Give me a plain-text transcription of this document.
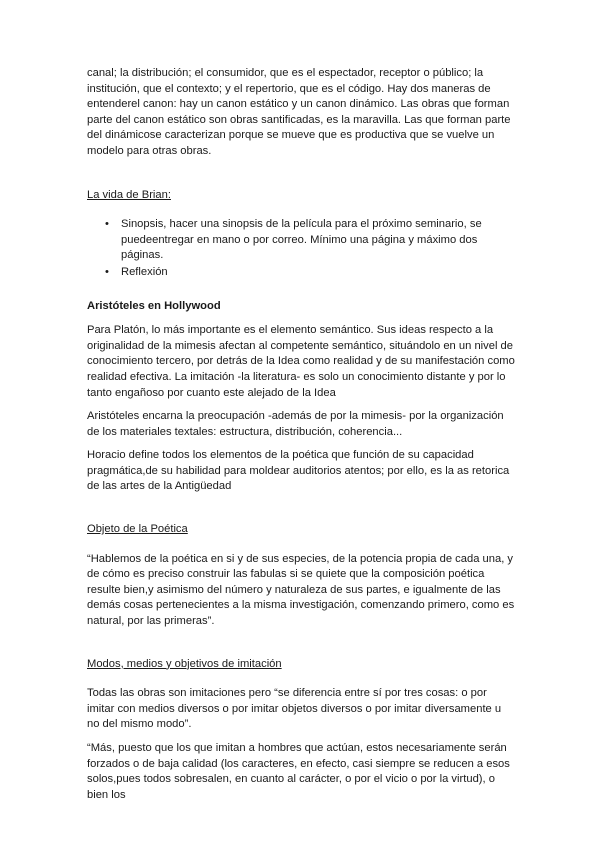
canal; la distribución; el consumidor, que es el espectador, receptor o público; la institución, que el contexto; y el repertorio, que es el código. Hay dos maneras de entenderel canon: hay un canon estático y un canon dinámico. Las obras que forman parte del canon estático son obras santificadas, es la maravilla. Las que forman parte del dinámicose caracterizan porque se mueve que es productiva que se vuelve un modelo para otras obras.

La vida de Brian:

• Sinopsis, hacer una sinopsis de la película para el próximo seminario, se puedeentregar en mano o por correo. Mínimo una página y máximo dos páginas.
• Reflexión

Aristóteles en Hollywood

Para Platón, lo más importante es el elemento semántico. Sus ideas respecto a la originalidad de la mimesis afectan al competente semántico, situándolo en un nivel de conocimiento tercero, por detrás de la Idea como realidad y de su manifestación como realidad efectiva. La imitación -la literatura- es solo un conocimiento distante y por lo tanto engañoso por cuanto este alejado de la Idea

Aristóteles encarna la preocupación -además de por la mimesis- por la organización de los materiales textales: estructura, distribución, coherencia...

Horacio define todos los elementos de la poética que función de su capacidad pragmática,de su habilidad para moldear auditorios atentos; por ello, es la as retorica de las artes de la Antigüedad

Objeto de la Poética

“Hablemos de la poética en si y de sus especies, de la potencia propia de cada una, y de cómo es preciso construir las fabulas si se quiete que la composición poética resulte bien,y asimismo del número y naturaleza de sus partes, e igualmente de las demás cosas pertenecientes a la misma investigación, comenzando primero, como es natural, por las primeras”.

Modos, medios y objetivos de imitación

Todas las obras son imitaciones pero “se diferencia entre sí por tres cosas: o por imitar con medios diversos o por imitar objetos diversos o por imitar diversamente u no del mismo modo”.

“Más, puesto que los que imitan a hombres que actúan, estos necesariamente serán forzados o de baja calidad (los caracteres, en efecto, casi siempre se reducen a esos solos,pues todos sobresalen, en cuanto al carácter, o por el vicio o por la virtud), o bien los
